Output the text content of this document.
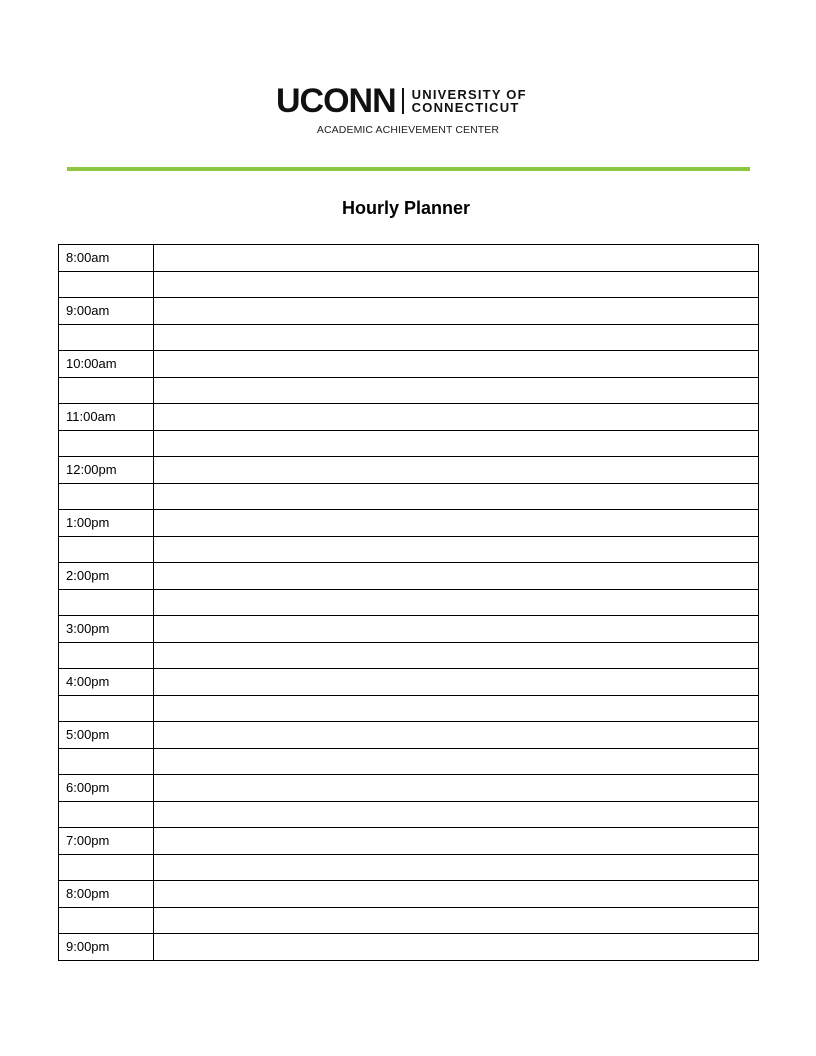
UCONN UNIVERSITY OF
CONNECTICUT
ACADEMIC ACHIEVEMENT CENTER
Hourly Planner
8:00am	

9:00am	

10:00am	

11:00am	

12:00pm	

1:00pm	

2:00pm	

3:00pm	

4:00pm	

5:00pm	

6:00pm	

7:00pm	

8:00pm	

9:00pm	
